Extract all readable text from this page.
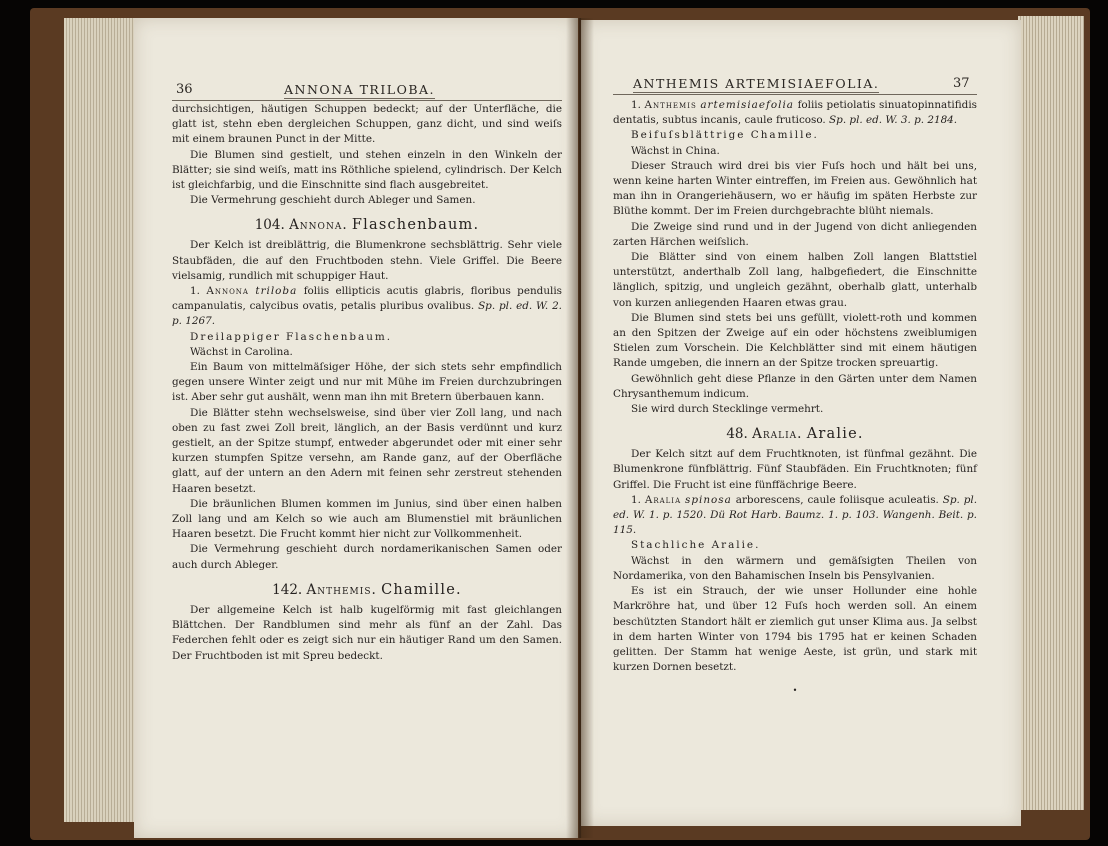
36	ANNONA TRILOBA.

durchsichtigen, häutigen Schuppen bedeckt; auf der Unterfläche, die glatt ist, stehn eben dergleichen Schuppen, ganz dicht, und sind weiſs mit einem braunen Punct in der Mitte.

Die Blumen sind gestielt, und stehen einzeln in den Winkeln der Blätter; sie sind weiſs, matt ins Röthliche spielend, cylindrisch. Der Kelch ist gleichfarbig, und die Einschnitte sind flach ausgebreitet.

Die Vermehrung geschieht durch Ableger und Samen.

104. Annona. Flaschenbaum.

Der Kelch ist dreiblättrig, die Blumenkrone sechsblättrig. Sehr viele Staubfäden, die auf den Fruchtboden stehn. Viele Griffel. Die Beere vielsamig, rundlich mit schuppiger Haut.

1. Annona triloba foliis ellipticis acutis glabris, floribus pendulis campanulatis, calycibus ovatis, petalis pluribus ovalibus. Sp. pl. ed. W. 2. p. 1267.

Dreilappiger Flaschenbaum.

Wächst in Carolina.

Ein Baum von mittelmäſsiger Höhe, der sich stets sehr empfindlich gegen unsere Winter zeigt und nur mit Mühe im Freien durchzubringen ist. Aber sehr gut aushält, wenn man ihn mit Bretern überbauen kann.

Die Blätter stehn wechselsweise, sind über vier Zoll lang, und nach oben zu fast zwei Zoll breit, länglich, an der Basis verdünnt und kurz gestielt, an der Spitze stumpf, entweder abgerundet oder mit einer sehr kurzen stumpfen Spitze versehn, am Rande ganz, auf der Oberfläche glatt, auf der untern an den Adern mit feinen sehr zerstreut stehenden Haaren besetzt.

Die bräunlichen Blumen kommen im Junius, sind über einen halben Zoll lang und am Kelch so wie auch am Blumenstiel mit bräunlichen Haaren besetzt. Die Frucht kommt hier nicht zur Vollkommenheit.

Die Vermehrung geschieht durch nordamerikanischen Samen oder auch durch Ableger.

142. Anthemis. Chamille.

Der allgemeine Kelch ist halb kugelförmig mit fast gleichlangen Blättchen. Der Randblumen sind mehr als fünf an der Zahl. Das Federchen fehlt oder es zeigt sich nur ein häutiger Rand um den Samen. Der Fruchtboden ist mit Spreu bedeckt.

ANTHEMIS ARTEMISIAEFOLIA.	37

1. Anthemis artemisiaefolia foliis petiolatis sinuatopinnatifidis dentatis, subtus incanis, caule fruticoso. Sp. pl. ed. W. 3. p. 2184.

Beifuſsblättrige Chamille.

Wächst in China.

Dieser Strauch wird drei bis vier Fuſs hoch und hält bei uns, wenn keine harten Winter eintreffen, im Freien aus. Gewöhnlich hat man ihn in Orangeriehäusern, wo er häufig im späten Herbste zur Blüthe kommt. Der im Freien durchgebrachte blüht niemals.

Die Zweige sind rund und in der Jugend von dicht anliegenden zarten Härchen weiſslich.

Die Blätter sind von einem halben Zoll langen Blattstiel unterstützt, anderthalb Zoll lang, halbgefiedert, die Einschnitte länglich, spitzig, und ungleich gezähnt, oberhalb glatt, unterhalb von kurzen anliegenden Haaren etwas grau.

Die Blumen sind stets bei uns gefüllt, violett-roth und kommen an den Spitzen der Zweige auf ein oder höchstens zweiblumigen Stielen zum Vorschein. Die Kelchblätter sind mit einem häutigen Rande umgeben, die innern an der Spitze trocken spreuartig.

Gewöhnlich geht diese Pflanze in den Gärten unter dem Namen Chrysanthemum indicum.

Sie wird durch Stecklinge vermehrt.

48. Aralia. Aralie.

Der Kelch sitzt auf dem Fruchtknoten, ist fünfmal gezähnt. Die Blumenkrone fünfblättrig. Fünf Staubfäden. Ein Fruchtknoten; fünf Griffel. Die Frucht ist eine fünffächrige Beere.

1. Aralia spinosa arborescens, caule foliisque aculeatis. Sp. pl. ed. W. 1. p. 1520. Dü Rot Harb. Baumz. 1. p. 103. Wangenh. Beit. p. 115.

Stachliche Aralie.

Wächst in den wärmern und gemäſsigten Theilen von Nordamerika, von den Bahamischen Inseln bis Pensylvanien.

Es ist ein Strauch, der wie unser Hollunder eine hohle Markröhre hat, und über 12 Fuſs hoch werden soll. An einem beschützten Standort hält er ziemlich gut unser Klima aus. Ja selbst in dem harten Winter von 1794 bis 1795 hat er keinen Schaden gelitten. Der Stamm hat wenige Aeste, ist grün, und stark mit kurzen Dornen besetzt.

•
